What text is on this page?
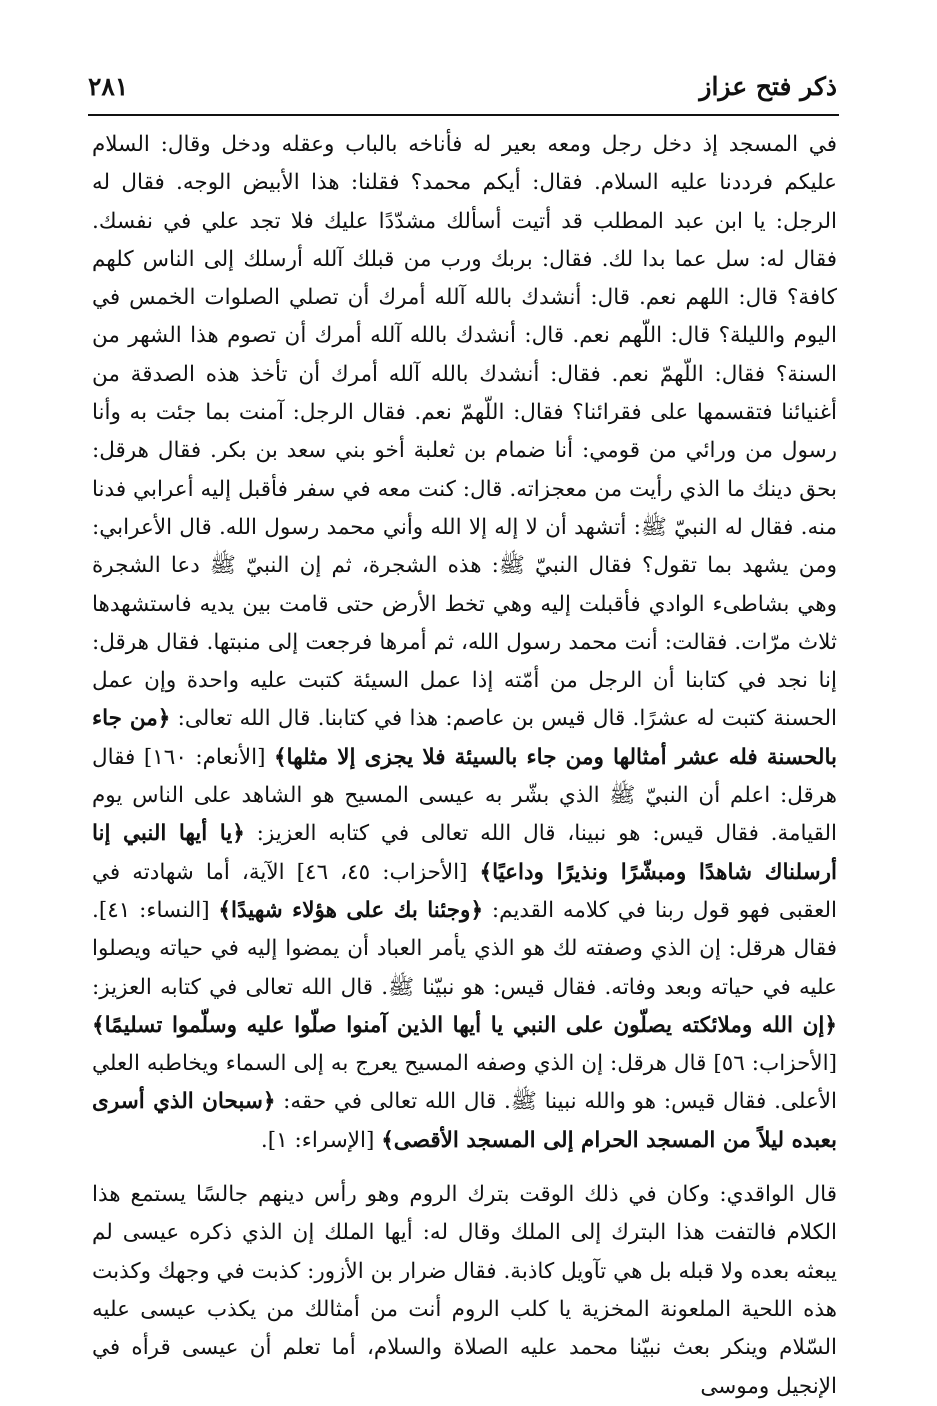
ذكر فتح عزاز
٢٨١

في المسجد إذ دخل رجل ومعه بعير له فأناخه بالباب وعقله ودخل وقال: السلام عليكم فرددنا عليه السلام. فقال: أيكم محمد؟ فقلنا: هذا الأبيض الوجه. فقال له الرجل: يا ابن عبد المطلب قد أتيت أسألك مشدّدًا عليك فلا تجد علي في نفسك. فقال له: سل عما بدا لك. فقال: بربك ورب من قبلك آلله أرسلك إلى الناس كلهم كافة؟ قال: اللهم نعم. قال: أنشدك بالله آلله أمرك أن تصلي الصلوات الخمس في اليوم والليلة؟ قال: اللّهم نعم. قال: أنشدك بالله آلله أمرك أن تصوم هذا الشهر من السنة؟ فقال: اللّهمّ نعم. فقال: أنشدك بالله آلله أمرك أن تأخذ هذه الصدقة من أغنيائنا فتقسمها على فقرائنا؟ فقال: اللّهمّ نعم. فقال الرجل: آمنت بما جئت به وأنا رسول من ورائي من قومي: أنا ضمام بن ثعلبة أخو بني سعد بن بكر. فقال هرقل: بحق دينك ما الذي رأيت من معجزاته. قال: كنت معه في سفر فأقبل إليه أعرابي فدنا منه. فقال له النبيّ ﷺ: أتشهد أن لا إله إلا الله وأني محمد رسول الله. قال الأعرابي: ومن يشهد بما تقول؟ فقال النبيّ ﷺ: هذه الشجرة، ثم إن النبيّ ﷺ دعا الشجرة وهي بشاطىء الوادي فأقبلت إليه وهي تخط الأرض حتى قامت بين يديه فاستشهدها ثلاث مرّات. فقالت: أنت محمد رسول الله، ثم أمرها فرجعت إلى منبتها. فقال هرقل: إنا نجد في كتابنا أن الرجل من أمّته إذا عمل السيئة كتبت عليه واحدة وإن عمل الحسنة كتبت له عشرًا. قال قيس بن عاصم: هذا في كتابنا. قال الله تعالى: ﴿من جاء بالحسنة فله عشر أمثالها ومن جاء بالسيئة فلا يجزى إلا مثلها﴾ [الأنعام: ١٦٠] فقال هرقل: اعلم أن النبيّ ﷺ الذي بشّر به عيسى المسيح هو الشاهد على الناس يوم القيامة. فقال قيس: هو نبينا، قال الله تعالى في كتابه العزيز: ﴿يا أيها النبي إنا أرسلناك شاهدًا ومبشّرًا ونذيرًا وداعيًا﴾ [الأحزاب: ٤٥، ٤٦] الآية، أما شهادته في العقبى فهو قول ربنا في كلامه القديم: ﴿وجئنا بك على هؤلاء شهيدًا﴾ [النساء: ٤١]. فقال هرقل: إن الذي وصفته لك هو الذي يأمر العباد أن يمضوا إليه في حياته ويصلوا عليه في حياته وبعد وفاته. فقال قيس: هو نبيّنا ﷺ. قال الله تعالى في كتابه العزيز: ﴿إن الله وملائكته يصلّون على النبي يا أيها الذين آمنوا صلّوا عليه وسلّموا تسليمًا﴾ [الأحزاب: ٥٦] قال هرقل: إن الذي وصفه المسيح يعرج به إلى السماء ويخاطبه العلي الأعلى. فقال قيس: هو والله نبينا ﷺ. قال الله تعالى في حقه: ﴿سبحان الذي أسرى بعبده ليلاً من المسجد الحرام إلى المسجد الأقصى﴾ [الإسراء: ١].

قال الواقدي: وكان في ذلك الوقت بترك الروم وهو رأس دينهم جالسًا يستمع هذا الكلام فالتفت هذا البترك إلى الملك وقال له: أيها الملك إن الذي ذكره عيسى لم يبعثه بعده ولا قبله بل هي تآويل كاذبة. فقال ضرار بن الأزور: كذبت في وجهك وكذبت هذه اللحية الملعونة المخزية يا كلب الروم أنت من أمثالك من يكذب عيسى عليه السّلام وينكر بعث نبيّنا محمد عليه الصلاة والسلام، أما تعلم أن عيسى قرأه في الإنجيل وموسى
